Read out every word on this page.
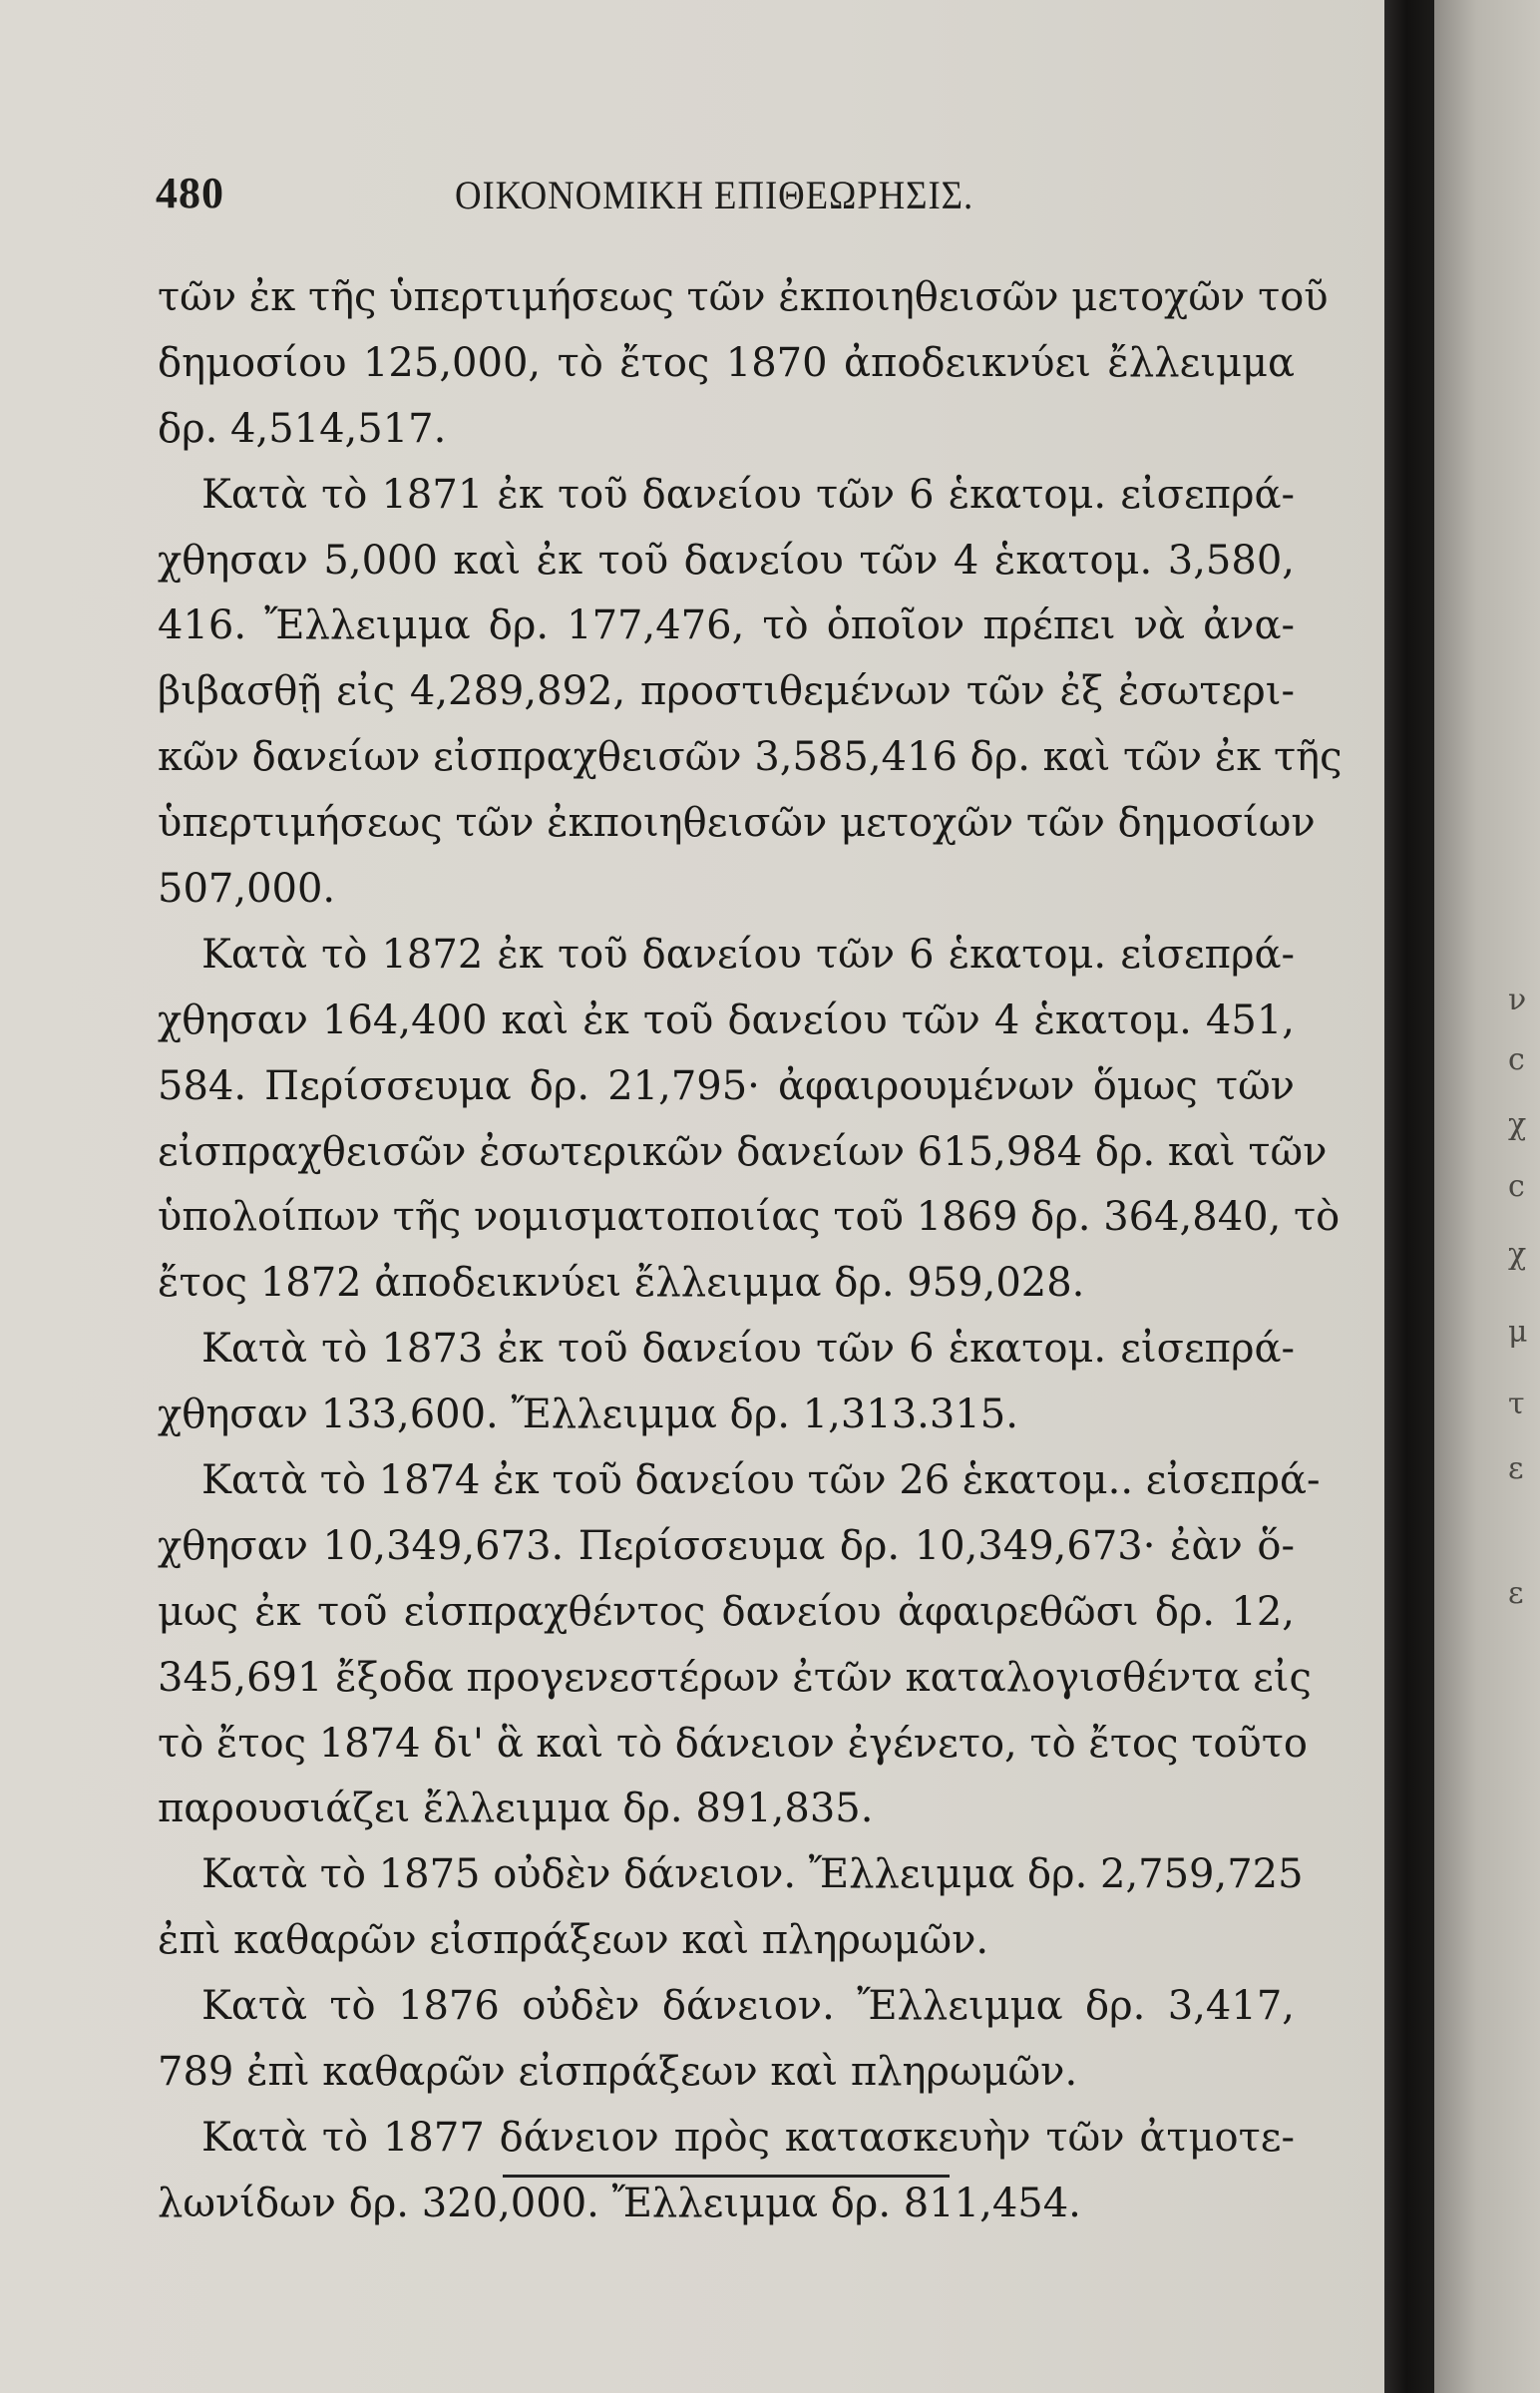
480	ΟΙΚΟΝΟΜΙΚΗ ΕΠΙΘΕΩΡΗΣΙΣ.
τῶν ἐκ τῆς ὑπερτιμήσεως τῶν ἐκποιηθεισῶν μετοχῶν τοῦ
δημοσίου 125,000, τὸ ἔτος 1870 ἀποδεικνύει ἔλλειμμα
δρ. 4,514,517.
Κατὰ τὸ 1871 ἐκ τοῦ δανείου τῶν 6 ἑκατομ. εἰσεπρά-
χθησαν 5,000 καὶ ἐκ τοῦ δανείου τῶν 4 ἑκατομ. 3,580,
416. Ἔλλειμμα δρ. 177,476, τὸ ὁποῖον πρέπει νὰ ἀνα-
βιβασθῇ εἰς 4,289,892, προστιθεμένων τῶν ἐξ ἐσωτερι-
κῶν δανείων εἰσπραχθεισῶν 3,585,416 δρ. καὶ τῶν ἐκ τῆς
ὑπερτιμήσεως τῶν ἐκποιηθεισῶν μετοχῶν τῶν δημοσίων
507,000.
Κατὰ τὸ 1872 ἐκ τοῦ δανείου τῶν 6 ἑκατομ. εἰσεπρά-
χθησαν 164,400 καὶ ἐκ τοῦ δανείου τῶν 4 ἑκατομ. 451,
584. Περίσσευμα δρ. 21,795· ἀφαιρουμένων ὅμως τῶν
εἰσπραχθεισῶν ἐσωτερικῶν δανείων 615,984 δρ. καὶ τῶν
ὑπολοίπων τῆς νομισματοποιίας τοῦ 1869 δρ. 364,840, τὸ
ἔτος 1872 ἀποδεικνύει ἔλλειμμα δρ. 959,028.
Κατὰ τὸ 1873 ἐκ τοῦ δανείου τῶν 6 ἑκατομ. εἰσεπρά-
χθησαν 133,600. Ἔλλειμμα δρ. 1,313.315.
Κατὰ τὸ 1874 ἐκ τοῦ δανείου τῶν 26 ἑκατομ.. εἰσεπρά-
χθησαν 10,349,673. Περίσσευμα δρ. 10,349,673· ἐὰν ὅ-
μως ἐκ τοῦ εἰσπραχθέντος δανείου ἀφαιρεθῶσι δρ. 12,
345,691 ἔξοδα προγενεστέρων ἐτῶν καταλογισθέντα εἰς
τὸ ἔτος 1874 δι' ἃ καὶ τὸ δάνειον ἐγένετο, τὸ ἔτος τοῦτο
παρουσιάζει ἔλλειμμα δρ. 891,835.
Κατὰ τὸ 1875 οὐδὲν δάνειον. Ἔλλειμμα δρ. 2,759,725
ἐπὶ καθαρῶν εἰσπράξεων καὶ πληρωμῶν.
Κατὰ τὸ 1876 οὐδὲν δάνειον. Ἔλλειμμα δρ. 3,417,
789 ἐπὶ καθαρῶν εἰσπράξεων καὶ πληρωμῶν.
Κατὰ τὸ 1877 δάνειον πρὸς κατασκευὴν τῶν ἀτμοτε-
λωνίδων δρ. 320,000. Ἔλλειμμα δρ. 811,454.
ν
c
χ
c
χ
μ
τ
ε
ε
